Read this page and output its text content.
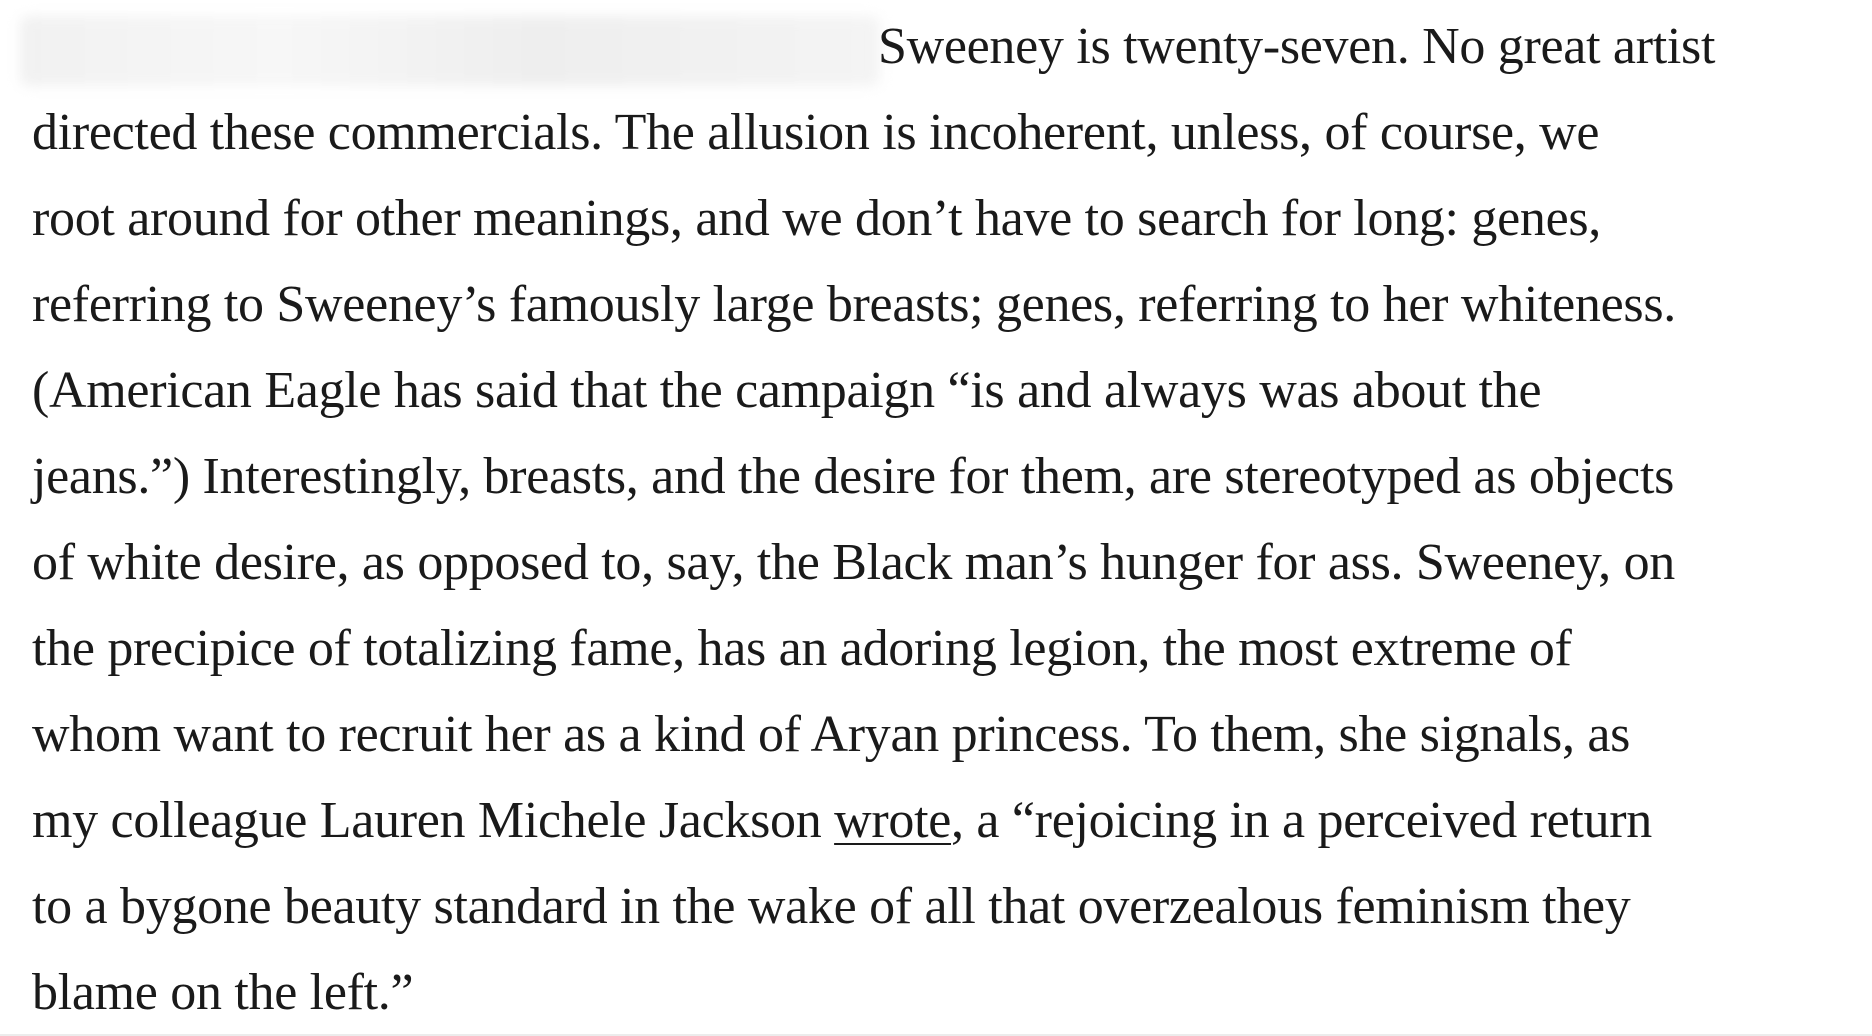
Sweeney is twenty-seven. No great artist
directed these commercials. The allusion is incoherent, unless, of course, we
root around for other meanings, and we don’t have to search for long: genes,
referring to Sweeney’s famously large breasts; genes, referring to her whiteness.
(American Eagle has said that the campaign “is and always was about the
jeans.”) Interestingly, breasts, and the desire for them, are stereotyped as objects
of white desire, as opposed to, say, the Black man’s hunger for ass. Sweeney, on
the precipice of totalizing fame, has an adoring legion, the most extreme of
whom want to recruit her as a kind of Aryan princess. To them, she signals, as
my colleague Lauren Michele Jackson wrote, a “rejoicing in a perceived return
to a bygone beauty standard in the wake of all that overzealous feminism they
blame on the left.”
